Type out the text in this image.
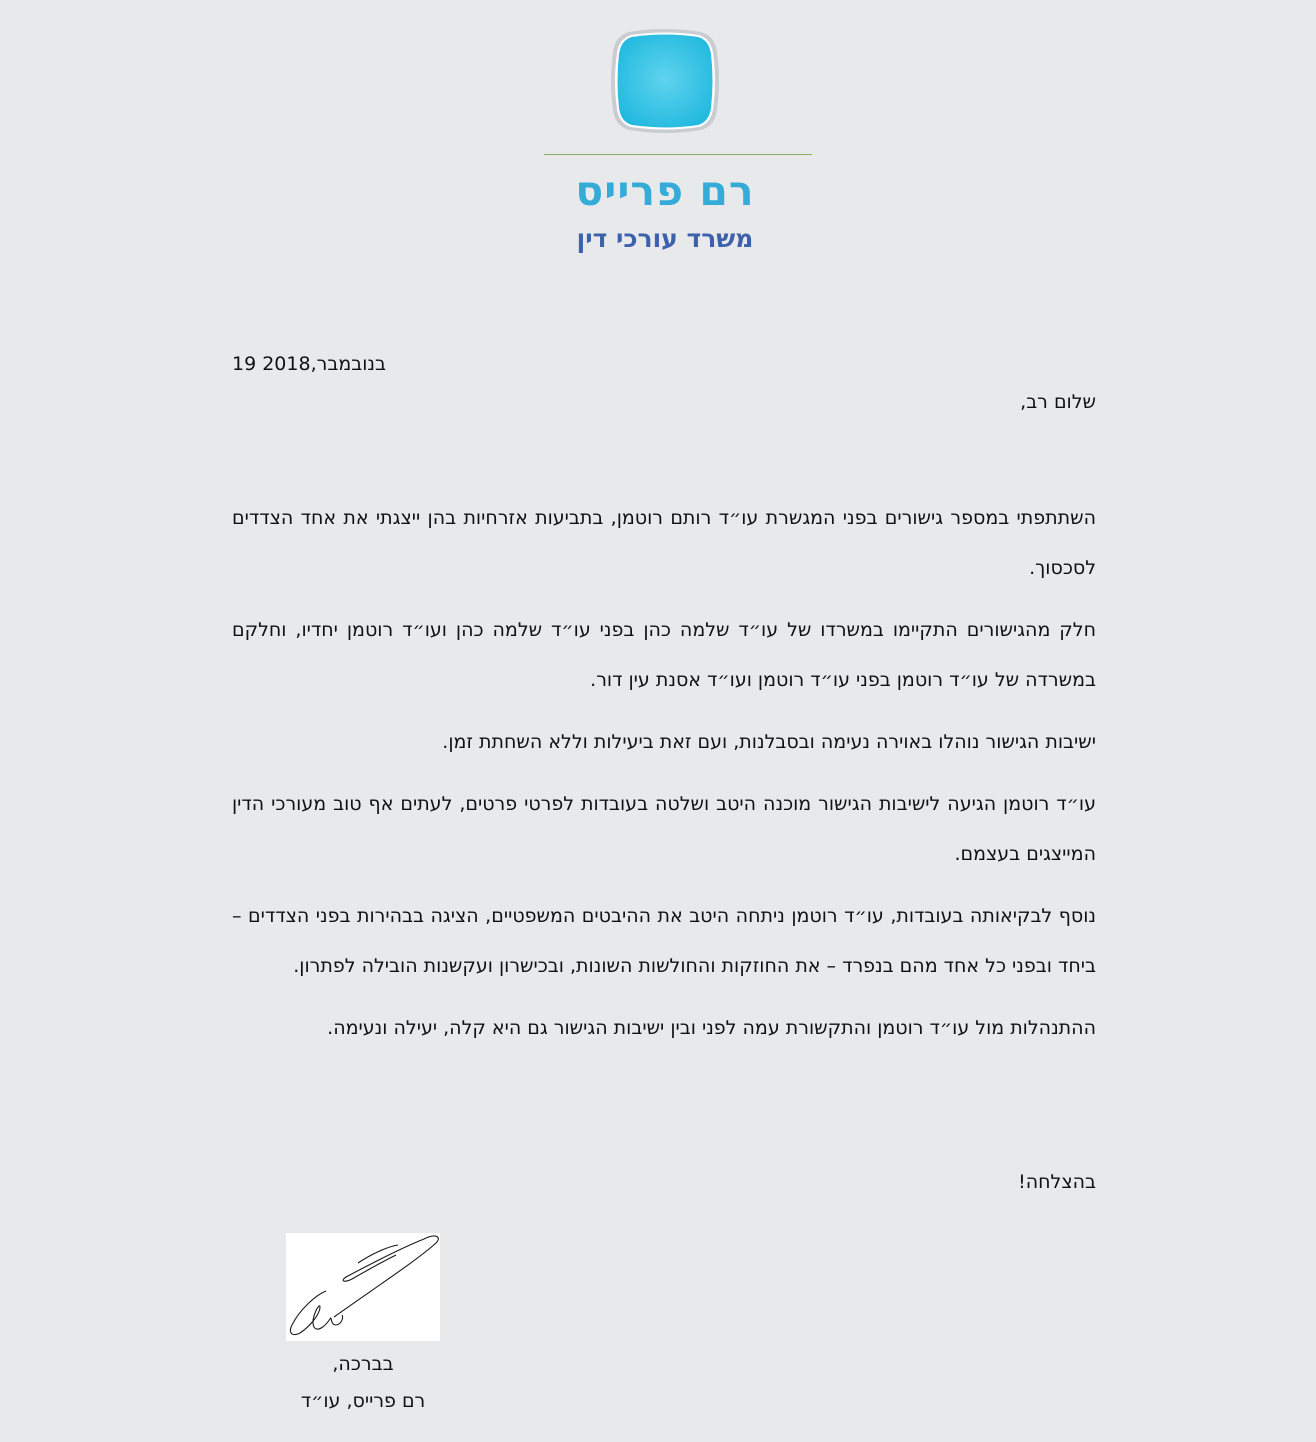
רם פרייס
משרד עורכי דין
19 בנובמבר,2018
שלום רב,

השתתפתי במספר גישורים בפני המגשרת עו״ד רותם רוטמן, בתביעות אזרחיות בהן ייצגתי את אחד הצדדים לסכסוך.

חלק מהגישורים התקיימו במשרדו של עו״ד שלמה כהן בפני עו״ד שלמה כהן ועו״ד רוטמן יחדיו, וחלקם במשרדה של עו״ד רוטמן בפני עו״ד רוטמן ועו״ד אסנת עין דור.

ישיבות הגישור נוהלו באוירה נעימה ובסבלנות, ועם זאת ביעילות וללא השחתת זמן.

עו״ד רוטמן הגיעה לישיבות הגישור מוכנה היטב ושלטה בעובדות לפרטי פרטים, לעתים אף טוב מעורכי הדין המייצגים בעצמם.

נוסף לבקיאותה בעובדות, עו״ד רוטמן ניתחה היטב את ההיבטים המשפטיים, הציגה בבהירות בפני הצדדים – ביחד ובפני כל אחד מהם בנפרד – את החוזקות והחולשות השונות, ובכישרון ועקשנות הובילה לפתרון.

ההתנהלות מול עו״ד רוטמן והתקשורת עמה לפני ובין ישיבות הגישור גם היא קלה, יעילה ונעימה.

בהצלחה!
בברכה,
רם פרייס, עו״ד
